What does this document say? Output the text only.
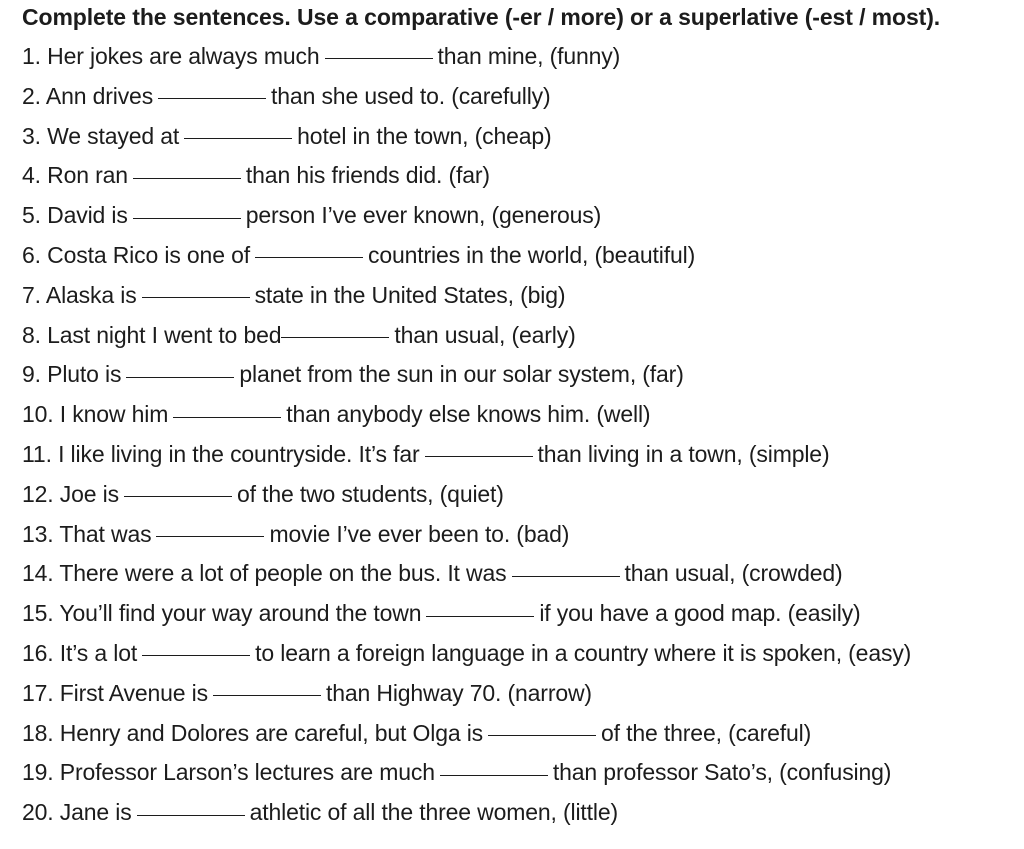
Complete the sentences. Use a comparative (-er / more) or a superlative (-est / most).
1. Her jokes are always much	than mine, (funny)
2. Ann drives	than she used to. (carefully)
3. We stayed at	hotel in the town, (cheap)
4. Ron ran	than his friends did. (far)
5. David is	person I’ve ever known, (generous)
6. Costa Rico is one of	countries in the world, (beautiful)
7. Alaska is	state in the United States, (big)
8. Last night I went to bed	than usual, (early)
9. Pluto is	planet from the sun in our solar system, (far)
10. I know him	than anybody else knows him. (well)
11. I like living in the countryside. It’s far	than living in a town, (simple)
12. Joe is	of the two students, (quiet)
13. That was	movie I’ve ever been to. (bad)
14. There were a lot of people on the bus. It was	than usual, (crowded)
15. You’ll find your way around the town	if you have a good map. (easily)
16. It’s a lot	to learn a foreign language in a country where it is spoken, (easy)
17. First Avenue is	than Highway 70. (narrow)
18. Henry and Dolores are careful, but Olga is	of the three, (careful)
19. Professor Larson’s lectures are much	than professor Sato’s, (confusing)
20. Jane is	athletic of all the three women, (little)
